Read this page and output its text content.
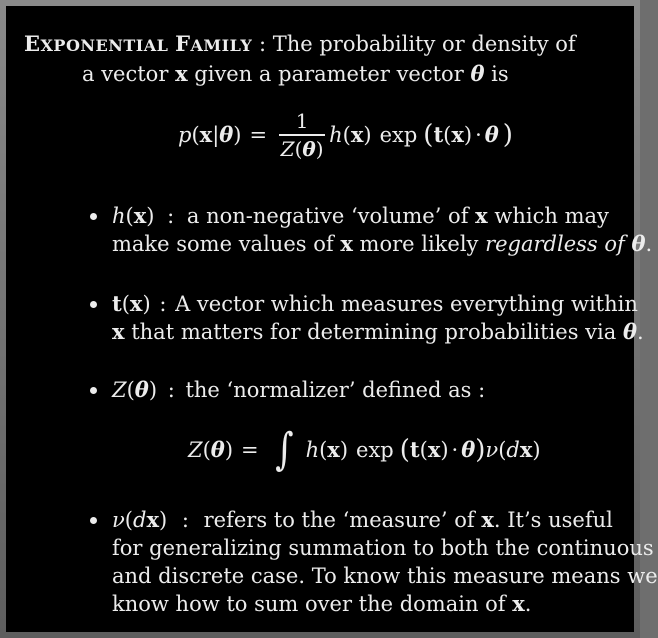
EXPONENTIAL FAMILY : The probability or density of
a vector x given a parameter vector θ is
p ( x | θ ) = $\frac{1}{Z(\theta)}$ h ( x ) exp ( t ( x ) · θ )
h(x) : a non-negative ‘volume’ of x which may
make some values of x more likely regardless of θ.
t(x) : A vector which measures everything within
x that matters for determining probabilities via θ.
Z(θ) : the ‘normalizer’ defined as :
Z ( θ ) = ∫ h ( x ) exp ( t ( x ) · θ ) ν ( d x )
ν(dx) : refers to the ‘measure’ of x. It’s useful
for generalizing summation to both the continuous
and discrete case. To know this measure means we
know how to sum over the domain of x.
